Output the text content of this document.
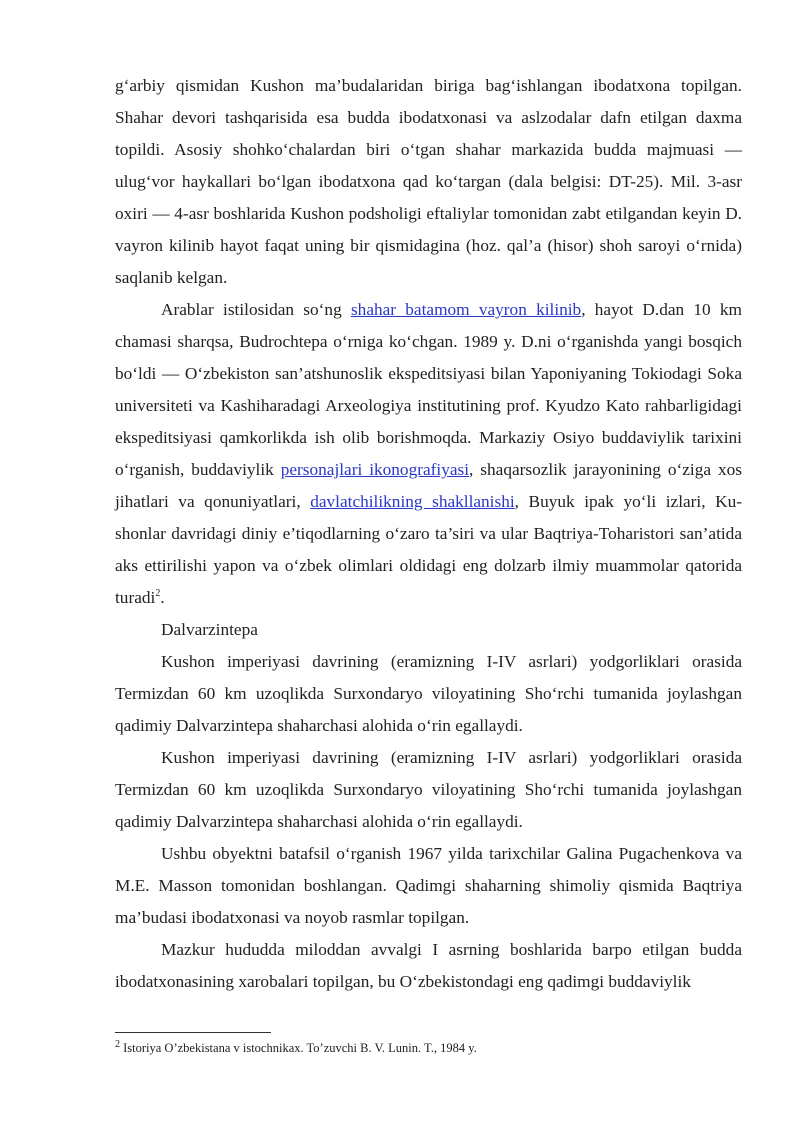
g‘arbiy qismidan Kushon ma’budalaridan biriga bag‘ishlangan ibodatxona topilgan. Shahar devori tashqarisida esa budda ibodatxonasi va aslzodalar dafn etilgan daxma topildi. Asosiy shohko‘chalardan biri o‘tgan shahar markazida budda majmuasi — ulug‘vor haykallari bo‘lgan ibodatxona qad ko‘targan (dala belgisi: DT-25). Mil. 3-asr oxiri — 4-asr boshlarida Kushon podsholigi eftaliylar tomonidan zabt etilgandan keyin D. vayron kilinib hayot faqat uning bir qismidagina (hoz. qal’a (hisor) shoh saroyi o‘rnida) saqlanib kelgan.

Arablar istilosidan so‘ng shahar batamom vayron kilinib, hayot D.dan 10 km chamasi sharqsa, Budrochtepa o‘rniga ko‘chgan. 1989 y. D.ni o‘rganishda yangi bosqich bo‘ldi — O‘zbekiston san’atshunoslik ekspeditsiyasi bilan Yaponiyaning Tokiodagi Soka universiteti va Kashiharadagi Arxeologiya institutining prof. Kyudzo Kato rahbarligidagi ekspeditsiyasi qamkorlikda ish olib borishmoqda. Markaziy Osiyo buddaviylik tarixini o‘rganish, buddaviylik personajlari ikonografiyasi, shaqarsozlik jarayonining o‘ziga xos jihatlari va qonuniyatlari, davlatchilikning shakllanishi, Buyuk ipak yo‘li izlari, Ku-shonlar davridagi diniy e’tiqodlarning o‘zaro ta’siri va ular Baqtriya-Toharistori san’atida aks ettirilishi yapon va o‘zbek olimlari oldidagi eng dolzarb ilmiy muammolar qatorida turadi$^2$.

Dalvarzintepa

Kushon imperiyasi davrining (eramizning I-IV asrlari) yodgorliklari orasida Termizdan 60 km uzoqlikda Surxondaryo viloyatining Sho‘rchi tumanida joylashgan qadimiy Dalvarzintepa shaharchasi alohida o‘rin egallaydi.

Kushon imperiyasi davrining (eramizning I-IV asrlari) yodgorliklari orasida Termizdan 60 km uzoqlikda Surxondaryo viloyatining Sho‘rchi tumanida joylashgan qadimiy Dalvarzintepa shaharchasi alohida o‘rin egallaydi.

Ushbu obyektni batafsil o‘rganish 1967 yilda tarixchilar Galina Pugachenkova va M.E. Masson tomonidan boshlangan. Qadimgi shaharning shimoliy qismida Baqtriya ma’budasi ibodatxonasi va noyob rasmlar topilgan.

Mazkur hududda miloddan avvalgi I asrning boshlarida barpo etilgan budda ibodatxonasining xarobalari topilgan, bu O‘zbekistondagi eng qadimgi buddaviylik

$^2$ Istoriya O’zbekistana v istochnikax. To’zuvchi B. V. Lunin. T., 1984 y.
